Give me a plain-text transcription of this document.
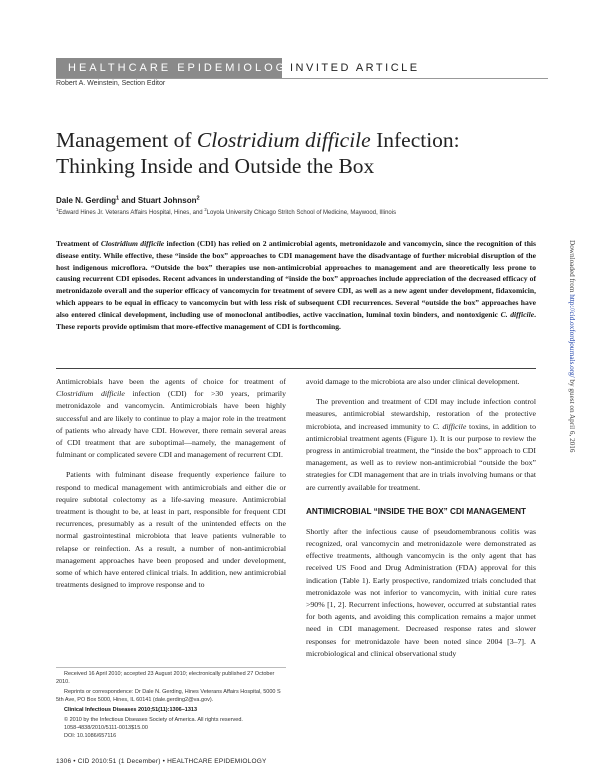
HEALTHCARE EPIDEMIOLOGY
INVITED ARTICLE
Robert A. Weinstein, Section Editor
Management of Clostridium difficile Infection:
Thinking Inside and Outside the Box
Dale N. Gerding$^1$ and Stuart Johnson$^2$
$^1$Edward Hines Jr. Veterans Affairs Hospital, Hines, and $^2$Loyola University Chicago Stritch School of Medicine, Maywood, Illinois

Treatment of Clostridium difficile infection (CDI) has relied on 2 antimicrobial agents, metronidazole and vancomycin, since the recognition of this disease entity. While effective, these “inside the box” approaches to CDI management have the disadvantage of further microbial disruption of the host indigenous microflora. “Outside the box” therapies use non-antimicrobial approaches to management and are theoretically less prone to causing recurrent CDI episodes. Recent advances in understanding of “inside the box” approaches include appreciation of the decreased efficacy of metronidazole overall and the superior efficacy of vancomycin for treatment of severe CDI, as well as a new agent under development, fidaxomicin, which appears to be equal in efficacy to vancomycin but with less risk of subsequent CDI recurrences. Several “outside the box” approaches have also entered clinical development, including use of monoclonal antibodies, active vaccination, luminal toxin binders, and nontoxigenic C. difficile. These reports provide optimism that more-effective management of CDI is forthcoming.

Antimicrobials have been the agents of choice for treatment of Clostridium difficile infection (CDI) for >30 years, primarily metronidazole and vancomycin. Antimicrobials have been highly successful and are likely to continue to play a major role in the treatment of patients who already have CDI. However, there remain several areas of CDI treatment that are suboptimal—namely, the management of fulminant or complicated severe CDI and management of recurrent CDI.

Patients with fulminant disease frequently experience failure to respond to medical management with antimicrobials and either die or require subtotal colectomy as a life-saving measure. Antimicrobial treatment is thought to be, at least in part, responsible for frequent CDI recurrences, presumably as a result of the unintended effects on the normal gastrointestinal microbiota that leave patients vulnerable to relapse or reinfection. As a result, a number of non-antimicrobial management approaches have been proposed and under development, some of which have entered clinical trials. In addition, new antimicrobial treatments designed to improve response and to

Received 16 April 2010; accepted 23 August 2010; electronically published 27 October 2010.

Reprints or correspondence: Dr Dale N. Gerding, Hines Veterans Affairs Hospital, 5000 S 5th Ave, PO Box 5000, Hines, IL 60141 (dale.gerding2@va.gov).

Clinical Infectious Diseases 2010;51(11):1306–1313

© 2010 by the Infectious Diseases Society of America. All rights reserved.

1058-4838/2010/5111-0013$15.00

DOI: 10.1086/657116

avoid damage to the microbiota are also under clinical development.

The prevention and treatment of CDI may include infection control measures, antimicrobial stewardship, restoration of the protective microbiota, and increased immunity to C. difficile toxins, in addition to antimicrobial treatment agents (Figure 1). It is our purpose to review the progress in antimicrobial treatment, the “inside the box” approach to CDI management, as well as to review non-antimicrobial “outside the box” strategies for CDI management that are in trials involving humans or that are currently available for treatment.

ANTIMICROBIAL “INSIDE THE BOX” CDI MANAGEMENT

Shortly after the infectious cause of pseudomembranous colitis was recognized, oral vancomycin and metronidazole were demonstrated as effective treatments, although vancomycin is the only agent that has received US Food and Drug Administration (FDA) approval for this indication (Table 1). Early prospective, randomized trials concluded that metronidazole was not inferior to vancomycin, with initial cure rates >90% [1, 2]. Recurrent infections, however, occurred at substantial rates for both agents, and avoiding this complication remains a major unmet need in CDI management. Decreased response rates and slower responses for metronidazole have been noted since 2004 [3–7]. A microbiological and clinical observational study

1306 • CID 2010:51 (1 December) • HEALTHCARE EPIDEMIOLOGY
Downloaded from http://cid.oxfordjournals.org/ by guest on April 6, 2016
